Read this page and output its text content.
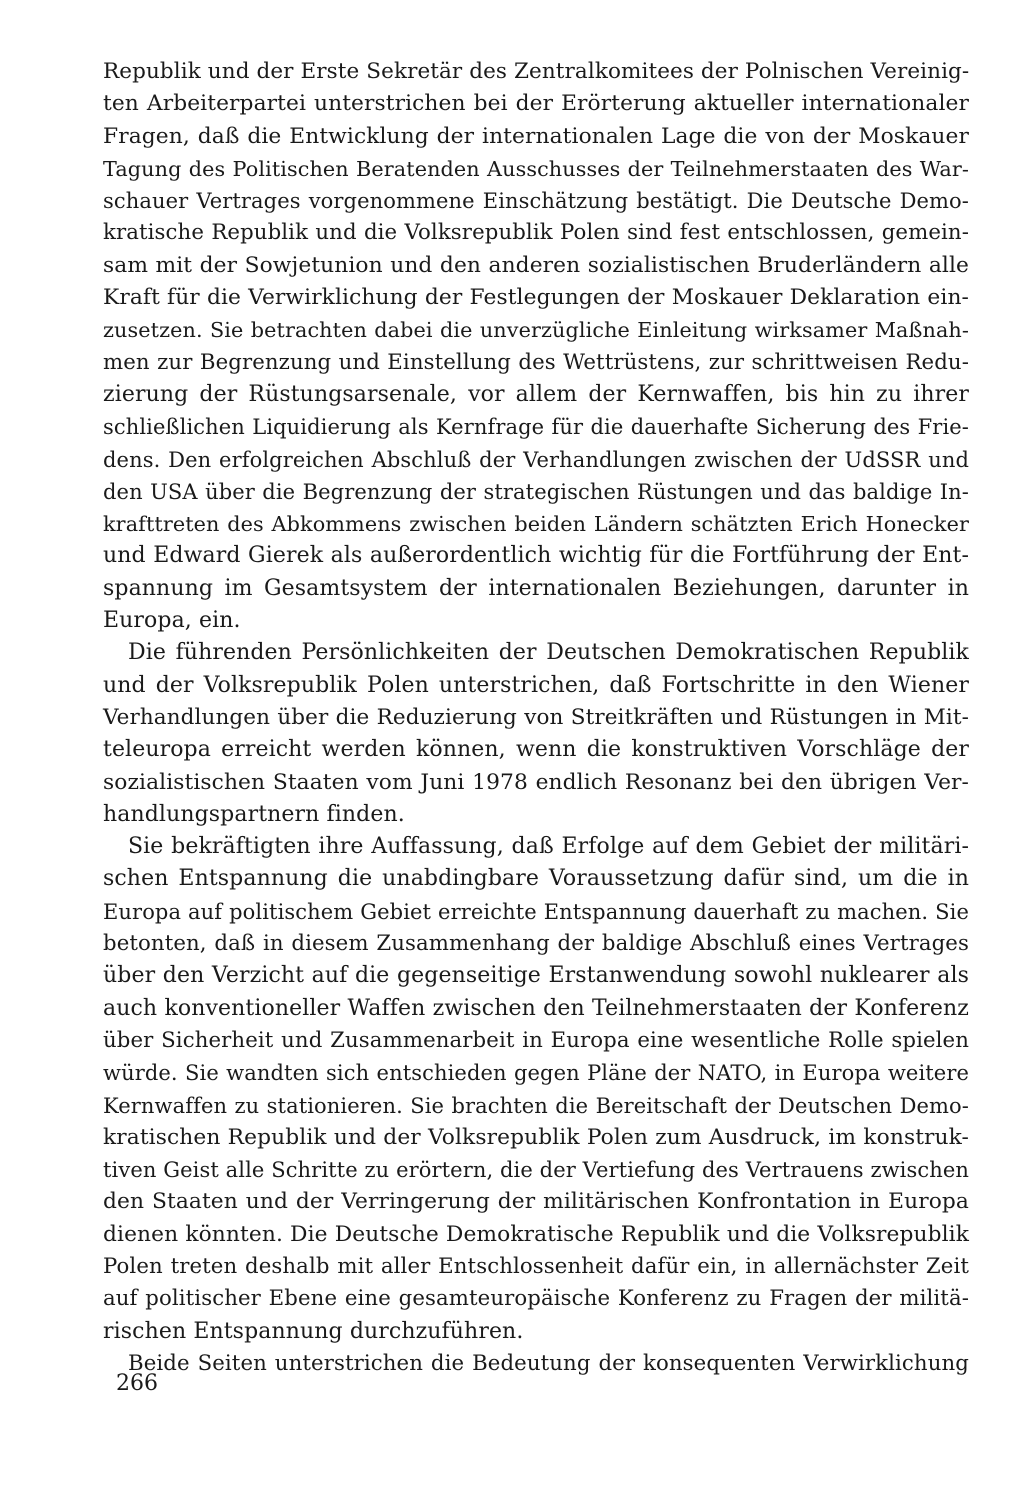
Republik und der Erste Sekretär des Zentralkomitees der Polnischen Vereinig-
ten Arbeiterpartei unterstrichen bei der Erörterung aktueller internationaler
Fragen, daß die Entwicklung der internationalen Lage die von der Moskauer
Tagung des Politischen Beratenden Ausschusses der Teilnehmerstaaten des War-
schauer Vertrages vorgenommene Einschätzung bestätigt. Die Deutsche Demo-
kratische Republik und die Volksrepublik Polen sind fest entschlossen, gemein-
sam mit der Sowjetunion und den anderen sozialistischen Bruderländern alle
Kraft für die Verwirklichung der Festlegungen der Moskauer Deklaration ein-
zusetzen. Sie betrachten dabei die unverzügliche Einleitung wirksamer Maßnah-
men zur Begrenzung und Einstellung des Wettrüstens, zur schrittweisen Redu-
zierung der Rüstungsarsenale, vor allem der Kernwaffen, bis hin zu ihrer
schließlichen Liquidierung als Kernfrage für die dauerhafte Sicherung des Frie-
dens. Den erfolgreichen Abschluß der Verhandlungen zwischen der UdSSR und
den USA über die Begrenzung der strategischen Rüstungen und das baldige In-
krafttreten des Abkommens zwischen beiden Ländern schätzten Erich Honecker
und Edward Gierek als außerordentlich wichtig für die Fortführung der Ent-
spannung im Gesamtsystem der internationalen Beziehungen, darunter in
Europa, ein.
Die führenden Persönlichkeiten der Deutschen Demokratischen Republik
und der Volksrepublik Polen unterstrichen, daß Fortschritte in den Wiener
Verhandlungen über die Reduzierung von Streitkräften und Rüstungen in Mit-
teleuropa erreicht werden können, wenn die konstruktiven Vorschläge der
sozialistischen Staaten vom Juni 1978 endlich Resonanz bei den übrigen Ver-
handlungspartnern finden.
Sie bekräftigten ihre Auffassung, daß Erfolge auf dem Gebiet der militäri-
schen Entspannung die unabdingbare Voraussetzung dafür sind, um die in
Europa auf politischem Gebiet erreichte Entspannung dauerhaft zu machen. Sie
betonten, daß in diesem Zusammenhang der baldige Abschluß eines Vertrages
über den Verzicht auf die gegenseitige Erstanwendung sowohl nuklearer als
auch konventioneller Waffen zwischen den Teilnehmerstaaten der Konferenz
über Sicherheit und Zusammenarbeit in Europa eine wesentliche Rolle spielen
würde. Sie wandten sich entschieden gegen Pläne der NATO, in Europa weitere
Kernwaffen zu stationieren. Sie brachten die Bereitschaft der Deutschen Demo-
kratischen Republik und der Volksrepublik Polen zum Ausdruck, im konstruk-
tiven Geist alle Schritte zu erörtern, die der Vertiefung des Vertrauens zwischen
den Staaten und der Verringerung der militärischen Konfrontation in Europa
dienen könnten. Die Deutsche Demokratische Republik und die Volksrepublik
Polen treten deshalb mit aller Entschlossenheit dafür ein, in allernächster Zeit
auf politischer Ebene eine gesamteuropäische Konferenz zu Fragen der militä-
rischen Entspannung durchzuführen.
Beide Seiten unterstrichen die Bedeutung der konsequenten Verwirklichung
266
